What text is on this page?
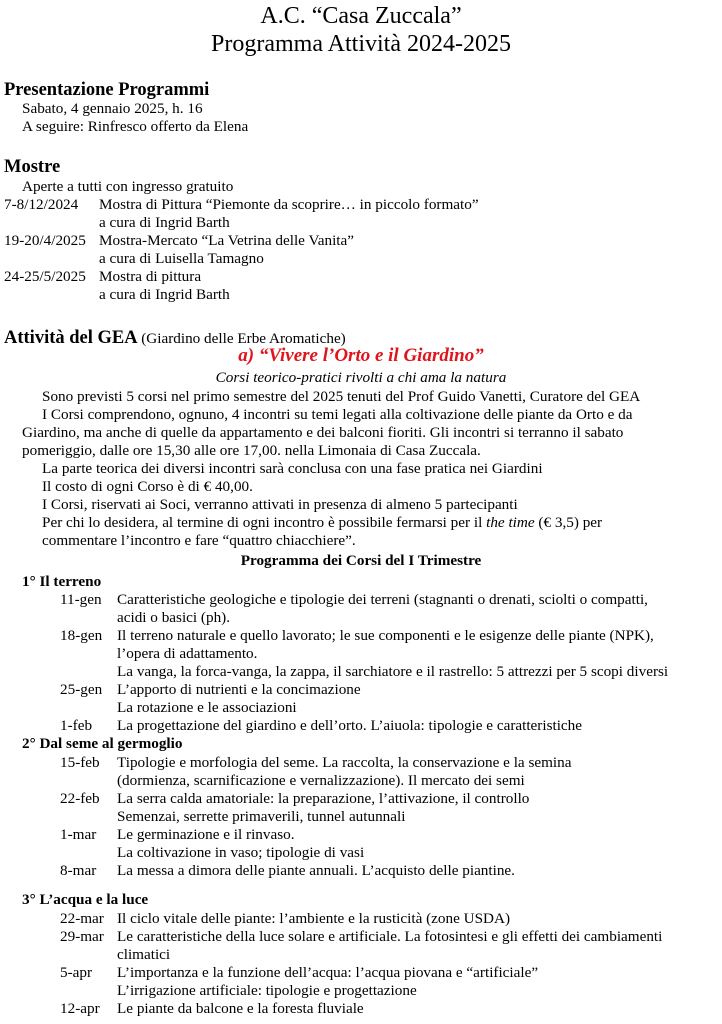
A.C. “Casa Zuccala”
Programma Attività 2024-2025
Presentazione Programmi
Sabato, 4 gennaio 2025, h. 16
A seguire: Rinfresco offerto da Elena
Mostre
Aperte a tutti con ingresso gratuito
7-8/12/2024 Mostra di Pittura “Piemonte da scoprire… in piccolo formato”
a cura di Ingrid Barth
19-20/4/2025 Mostra-Mercato “La Vetrina delle Vanita”
a cura di Luisella Tamagno
24-25/5/2025 Mostra di pittura
a cura di Ingrid Barth
Attività del GEA (Giardino delle Erbe Aromatiche)
a) “Vivere l’Orto e il Giardino”
Corsi teorico-pratici rivolti a chi ama la natura
Sono previsti 5 corsi nel primo semestre del 2025 tenuti del Prof Guido Vanetti, Curatore del GEA
I Corsi comprendono, ognuno, 4 incontri su temi legati alla coltivazione delle piante da Orto e da
Giardino, ma anche di quelle da appartamento e dei balconi fioriti. Gli incontri si terranno il sabato
pomeriggio, dalle ore 15,30 alle ore 17,00. nella Limonaia di Casa Zuccala.
La parte teorica dei diversi incontri sarà conclusa con una fase pratica nei Giardini
Il costo di ogni Corso è di € 40,00.
I Corsi, riservati ai Soci, verranno attivati in presenza di almeno 5 partecipanti
Per chi lo desidera, al termine di ogni incontro è possibile fermarsi per il the time (€ 3,5) per
commentare l’incontro e fare “quattro chiacchiere”.
Programma dei Corsi del I Trimestre
1° Il terreno
11-gen Caratteristiche geologiche e tipologie dei terreni (stagnanti o drenati, sciolti o compatti,
acidi o basici (ph).
18-gen Il terreno naturale e quello lavorato; le sue componenti e le esigenze delle piante (NPK),
l’opera di adattamento.
La vanga, la forca-vanga, la zappa, il sarchiatore e il rastrello: 5 attrezzi per 5 scopi diversi
25-gen L’apporto di nutrienti e la concimazione
La rotazione e le associazioni
1-feb La progettazione del giardino e dell’orto. L’aiuola: tipologie e caratteristiche
2° Dal seme al germoglio
15-feb Tipologie e morfologia del seme. La raccolta, la conservazione e la semina
(dormienza, scarnificazione e vernalizzazione). Il mercato dei semi
22-feb La serra calda amatoriale: la preparazione, l’attivazione, il controllo
Semenzai, serrette primaverili, tunnel autunnali
1-mar Le germinazione e il rinvaso.
La coltivazione in vaso; tipologie di vasi
8-mar La messa a dimora delle piante annuali. L’acquisto delle piantine.
3° L’acqua e la luce
22-mar Il ciclo vitale delle piante: l’ambiente e la rusticità (zone USDA)
29-mar Le caratteristiche della luce solare e artificiale. La fotosintesi e gli effetti dei cambiamenti
climatici
5-apr L’importanza e la funzione dell’acqua: l’acqua piovana e “artificiale”
L’irrigazione artificiale: tipologie e progettazione
12-apr Le piante da balcone e la foresta fluviale
